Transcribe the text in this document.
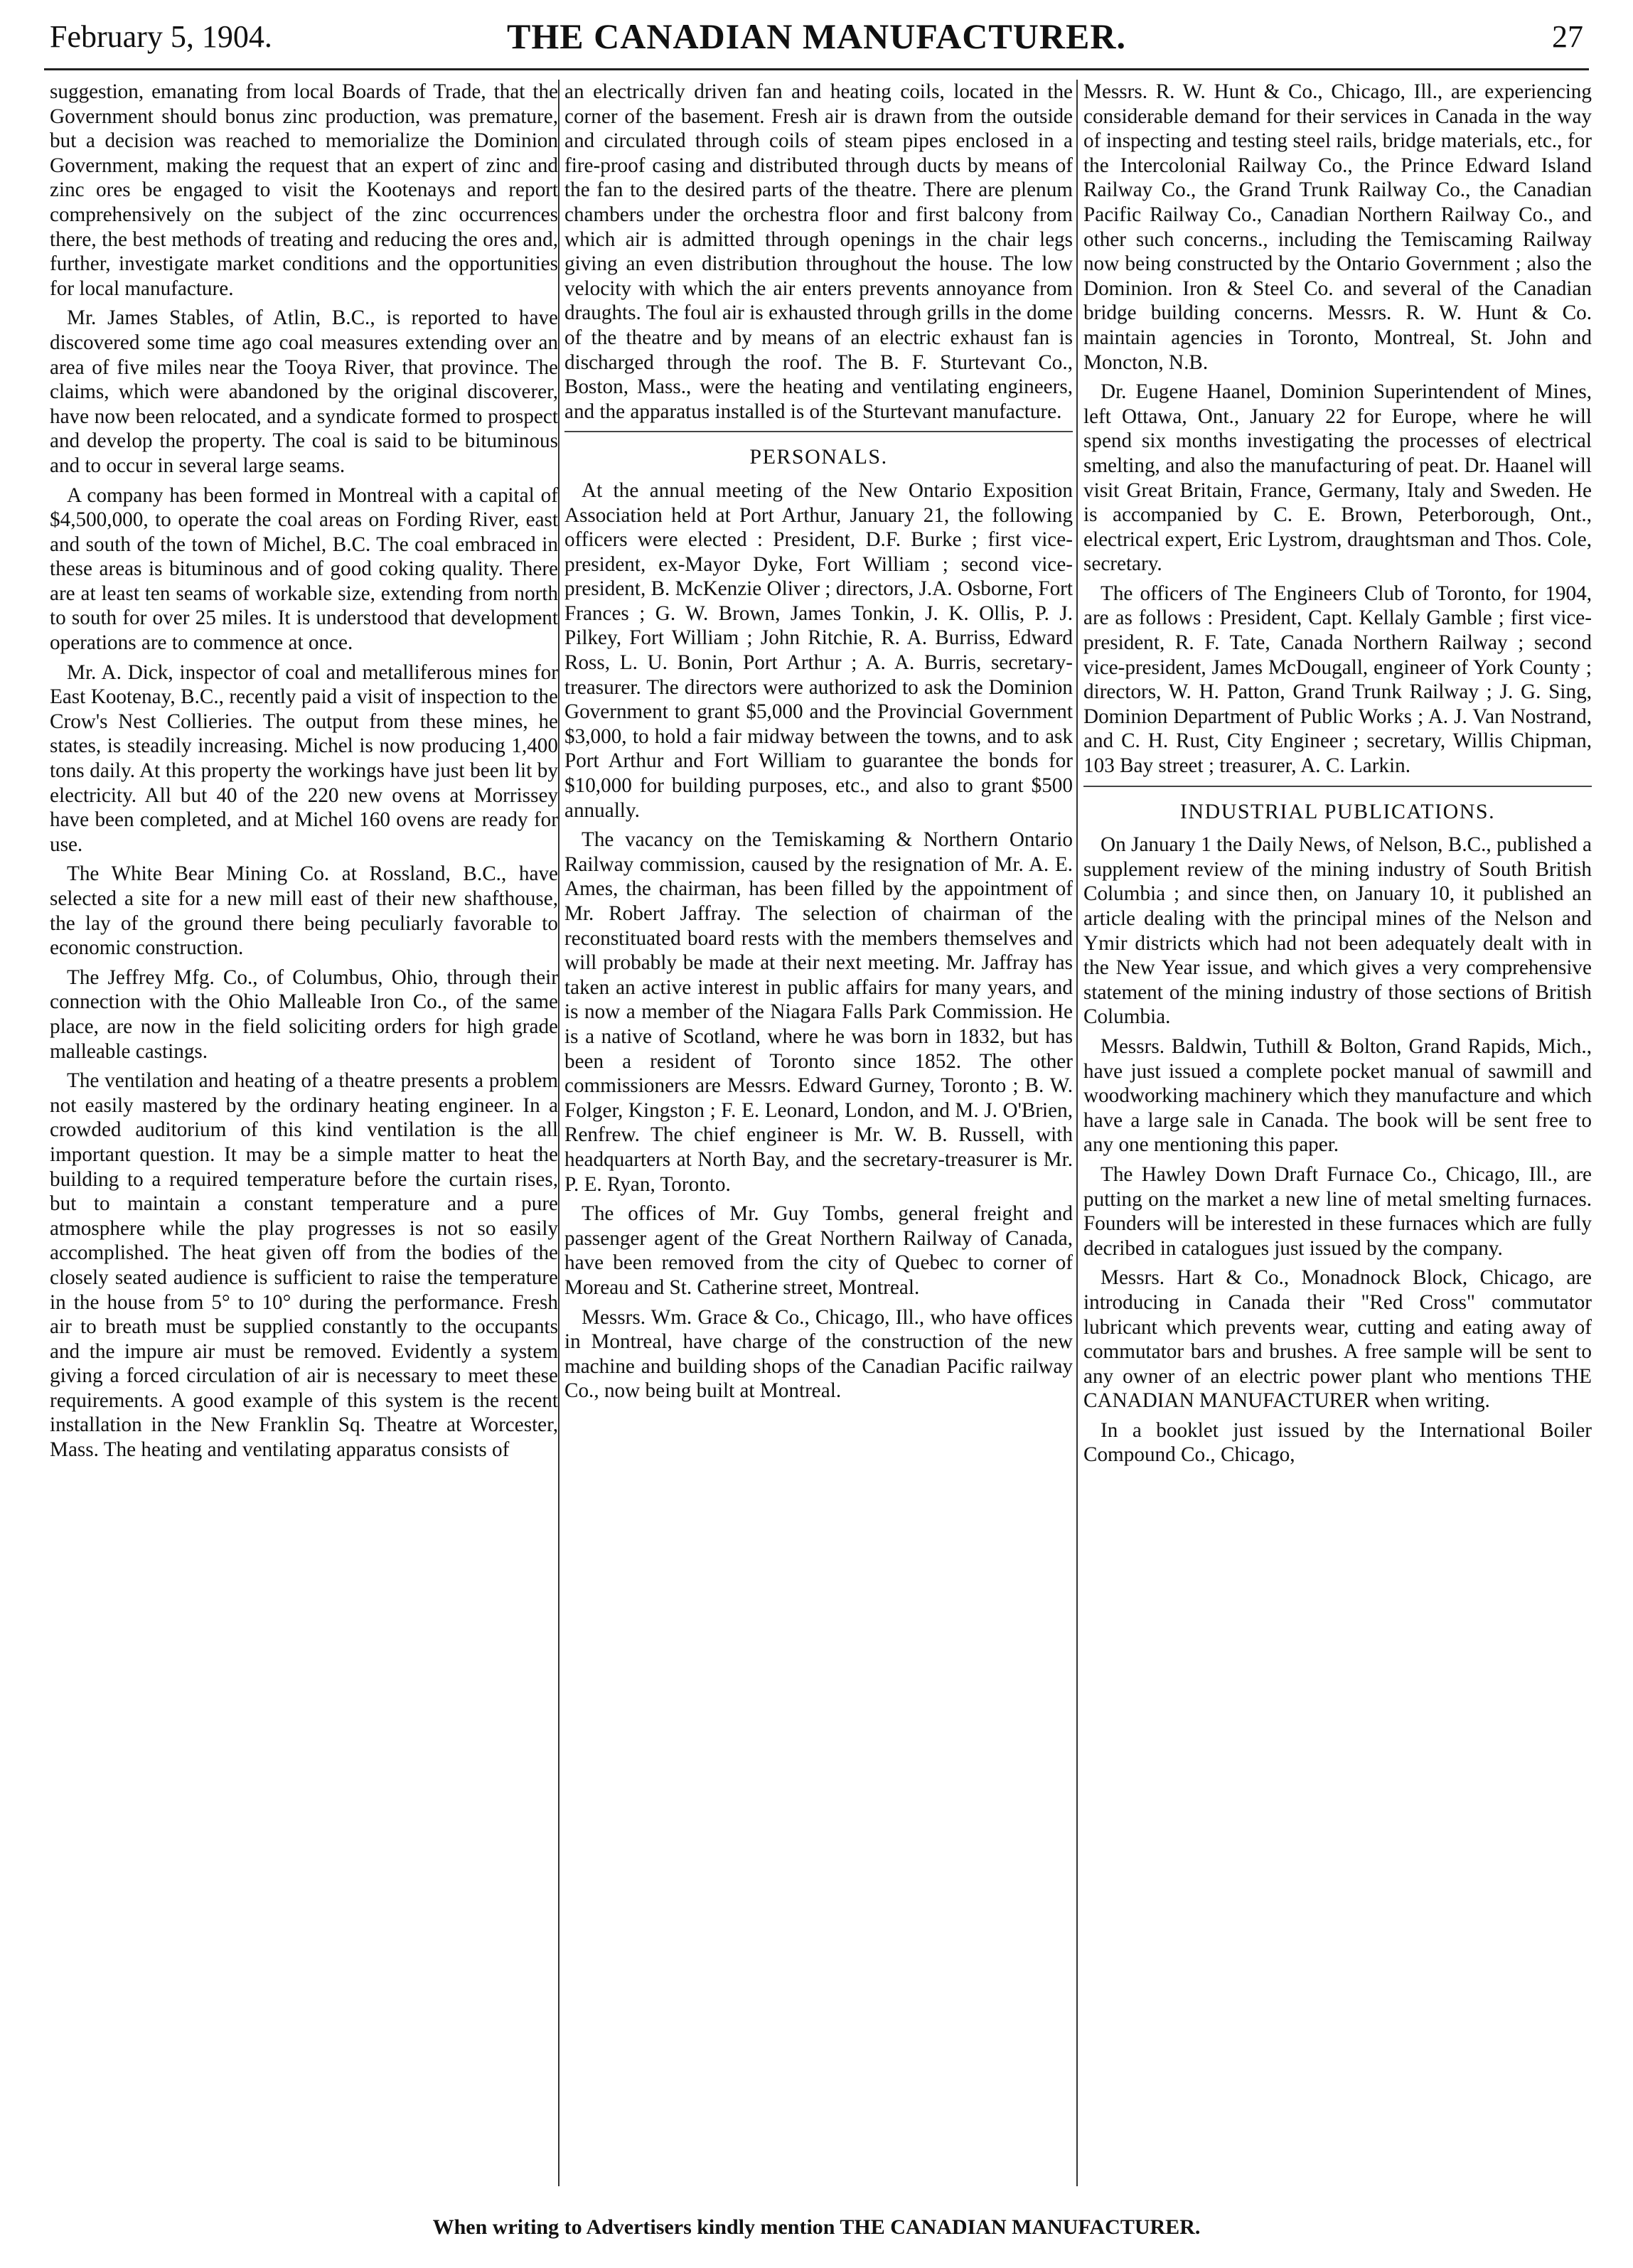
February 5, 1904.	THE CANADIAN MANUFACTURER.	27

suggestion, emanating from local Boards of Trade, that the Government should bonus zinc production, was premature, but a decision was reached to memorialize the Dominion Government, making the request that an expert of zinc and zinc ores be engaged to visit the Kootenays and report comprehensively on the subject of the zinc occurrences there, the best methods of treating and reducing the ores and, further, investigate market conditions and the opportunities for local manufacture.

Mr. James Stables, of Atlin, B.C., is reported to have discovered some time ago coal measures extending over an area of five miles near the Tooya River, that province. The claims, which were abandoned by the original discoverer, have now been relocated, and a syndicate formed to prospect and develop the property. The coal is said to be bituminous and to occur in several large seams.

A company has been formed in Montreal with a capital of $4,500,000, to operate the coal areas on Fording River, east and south of the town of Michel, B.C. The coal embraced in these areas is bituminous and of good coking quality. There are at least ten seams of workable size, extending from north to south for over 25 miles. It is understood that development operations are to commence at once.

Mr. A. Dick, inspector of coal and metalliferous mines for East Kootenay, B.C., recently paid a visit of inspection to the Crow's Nest Collieries. The output from these mines, he states, is steadily increasing. Michel is now producing 1,400 tons daily. At this property the workings have just been lit by electricity. All but 40 of the 220 new ovens at Morrissey have been completed, and at Michel 160 ovens are ready for use.

The White Bear Mining Co. at Rossland, B.C., have selected a site for a new mill east of their new shafthouse, the lay of the ground there being peculiarly favorable to economic construction.

The Jeffrey Mfg. Co., of Columbus, Ohio, through their connection with the Ohio Malleable Iron Co., of the same place, are now in the field soliciting orders for high grade malleable castings.

The ventilation and heating of a theatre presents a problem not easily mastered by the ordinary heating engineer. In a crowded auditorium of this kind ventilation is the all important question. It may be a simple matter to heat the building to a required temperature before the curtain rises, but to maintain a constant temperature and a pure atmosphere while the play progresses is not so easily accomplished. The heat given off from the bodies of the closely seated audience is sufficient to raise the temperature in the house from 5° to 10° during the performance. Fresh air to breath must be supplied constantly to the occupants and the impure air must be removed. Evidently a system giving a forced circulation of air is necessary to meet these requirements. A good example of this system is the recent installation in the New Franklin Sq. Theatre at Worcester, Mass. The heating and ventilating apparatus consists of

an electrically driven fan and heating coils, located in the corner of the basement. Fresh air is drawn from the outside and circulated through coils of steam pipes enclosed in a fire-proof casing and distributed through ducts by means of the fan to the desired parts of the theatre. There are plenum chambers under the orchestra floor and first balcony from which air is admitted through openings in the chair legs giving an even distribution throughout the house. The low velocity with which the air enters prevents annoyance from draughts. The foul air is exhausted through grills in the dome of the theatre and by means of an electric exhaust fan is discharged through the roof. The B. F. Sturtevant Co., Boston, Mass., were the heating and ventilating engineers, and the apparatus installed is of the Sturtevant manufacture.

PERSONALS.

At the annual meeting of the New Ontario Exposition Association held at Port Arthur, January 21, the following officers were elected : President, D.F. Burke ; first vice-president, ex-Mayor Dyke, Fort William ; second vice-president, B. McKenzie Oliver ; directors, J.A. Osborne, Fort Frances ; G. W. Brown, James Tonkin, J. K. Ollis, P. J. Pilkey, Fort William ; John Ritchie, R. A. Burriss, Edward Ross, L. U. Bonin, Port Arthur ; A. A. Burris, secretary-treasurer. The directors were authorized to ask the Dominion Government to grant $5,000 and the Provincial Government $3,000, to hold a fair midway between the towns, and to ask Port Arthur and Fort William to guarantee the bonds for $10,000 for building purposes, etc., and also to grant $500 annually.

The vacancy on the Temiskaming & Northern Ontario Railway commission, caused by the resignation of Mr. A. E. Ames, the chairman, has been filled by the appointment of Mr. Robert Jaffray. The selection of chairman of the reconstituated board rests with the members themselves and will probably be made at their next meeting. Mr. Jaffray has taken an active interest in public affairs for many years, and is now a member of the Niagara Falls Park Commission. He is a native of Scotland, where he was born in 1832, but has been a resident of Toronto since 1852. The other commissioners are Messrs. Edward Gurney, Toronto ; B. W. Folger, Kingston ; F. E. Leonard, London, and M. J. O'Brien, Renfrew. The chief engineer is Mr. W. B. Russell, with headquarters at North Bay, and the secretary-treasurer is Mr. P. E. Ryan, Toronto.

The offices of Mr. Guy Tombs, general freight and passenger agent of the Great Northern Railway of Canada, have been removed from the city of Quebec to corner of Moreau and St. Catherine street, Montreal.

Messrs. Wm. Grace & Co., Chicago, Ill., who have offices in Montreal, have charge of the construction of the new machine and building shops of the Canadian Pacific railway Co., now being built at Montreal.

Messrs. R. W. Hunt & Co., Chicago, Ill., are experiencing considerable demand for their services in Canada in the way of inspecting and testing steel rails, bridge materials, etc., for the Intercolonial Railway Co., the Prince Edward Island Railway Co., the Grand Trunk Railway Co., the Canadian Pacific Railway Co., Canadian Northern Railway Co., and other such concerns., including the Temiscaming Railway now being constructed by the Ontario Government ; also the Dominion. Iron & Steel Co. and several of the Canadian bridge building concerns. Messrs. R. W. Hunt & Co. maintain agencies in Toronto, Montreal, St. John and Moncton, N.B.

Dr. Eugene Haanel, Dominion Superintendent of Mines, left Ottawa, Ont., January 22 for Europe, where he will spend six months investigating the processes of electrical smelting, and also the manufacturing of peat. Dr. Haanel will visit Great Britain, France, Germany, Italy and Sweden. He is accompanied by C. E. Brown, Peterborough, Ont., electrical expert, Eric Lystrom, draughtsman and Thos. Cole, secretary.

The officers of The Engineers Club of Toronto, for 1904, are as follows : President, Capt. Kellaly Gamble ; first vice-president, R. F. Tate, Canada Northern Railway ; second vice-president, James McDougall, engineer of York County ; directors, W. H. Patton, Grand Trunk Railway ; J. G. Sing, Dominion Department of Public Works ; A. J. Van Nostrand, and C. H. Rust, City Engineer ; secretary, Willis Chipman, 103 Bay street ; treasurer, A. C. Larkin.

INDUSTRIAL PUBLICATIONS.

On January 1 the Daily News, of Nelson, B.C., published a supplement review of the mining industry of South British Columbia ; and since then, on January 10, it published an article dealing with the principal mines of the Nelson and Ymir districts which had not been adequately dealt with in the New Year issue, and which gives a very comprehensive statement of the mining industry of those sections of British Columbia.

Messrs. Baldwin, Tuthill & Bolton, Grand Rapids, Mich., have just issued a complete pocket manual of sawmill and woodworking machinery which they manufacture and which have a large sale in Canada. The book will be sent free to any one mentioning this paper.

The Hawley Down Draft Furnace Co., Chicago, Ill., are putting on the market a new line of metal smelting furnaces. Founders will be interested in these furnaces which are fully decribed in catalogues just issued by the company.

Messrs. Hart & Co., Monadnock Block, Chicago, are introducing in Canada their "Red Cross" commutator lubricant which prevents wear, cutting and eating away of commutator bars and brushes. A free sample will be sent to any owner of an electric power plant who mentions THE CANADIAN MANUFACTURER when writing.

In a booklet just issued by the International Boiler Compound Co., Chicago,

When writing to Advertisers kindly mention THE CANADIAN MANUFACTURER.
